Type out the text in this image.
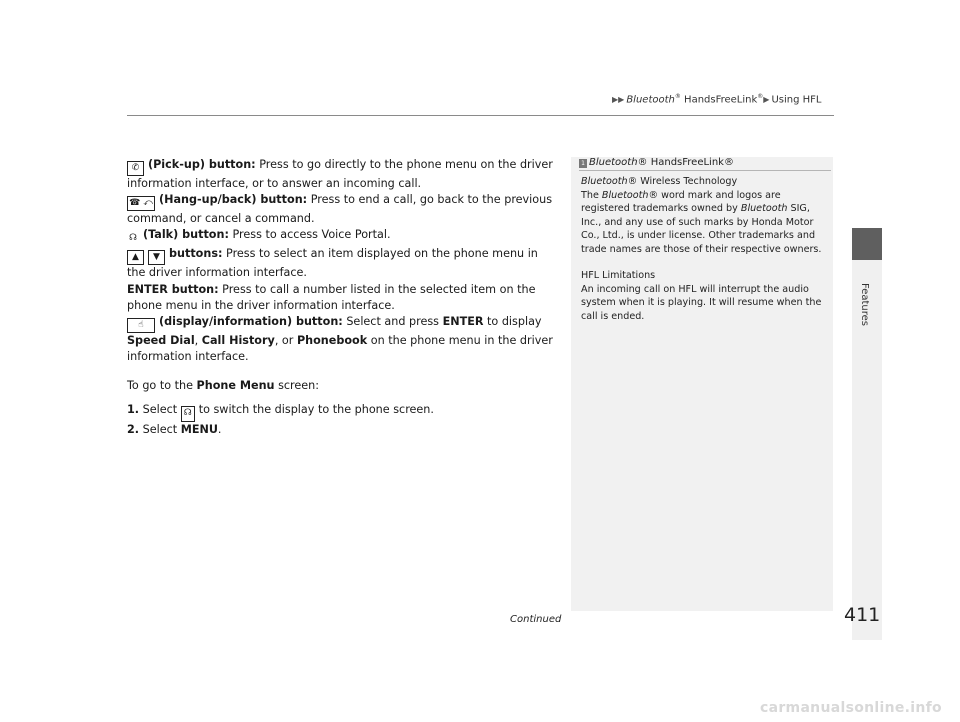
▶▶ Bluetooth® HandsFreeLink®▶ Using HFL
Features

✆ (Pick-up) button: Press to go directly to the phone menu on the driver information interface, or to answer an incoming call.

☎ ⤺ (Hang-up/back) button: Press to end a call, go back to the previous command, or cancel a command.

☊ (Talk) button: Press to access Voice Portal.

▲ ▼ buttons: Press to select an item displayed on the phone menu in the driver information interface.

ENTER button: Press to call a number listed in the selected item on the phone menu in the driver information interface.

☝ (display/information) button: Select and press ENTER to display Speed Dial, Call History, or Phonebook on the phone menu in the driver information interface.

To go to the Phone Menu screen:

1. Select ☊ to switch the display to the phone screen.

2. Select MENU.

1 Bluetooth® HandsFreeLink®

Bluetooth® Wireless Technology

The Bluetooth® word mark and logos are registered trademarks owned by Bluetooth SIG, Inc., and any use of such marks by Honda Motor Co., Ltd., is under license. Other trademarks and trade names are those of their respective owners.

HFL Limitations

An incoming call on HFL will interrupt the audio system when it is playing. It will resume when the call is ended.

Continued	411
carmanualsonline.info
